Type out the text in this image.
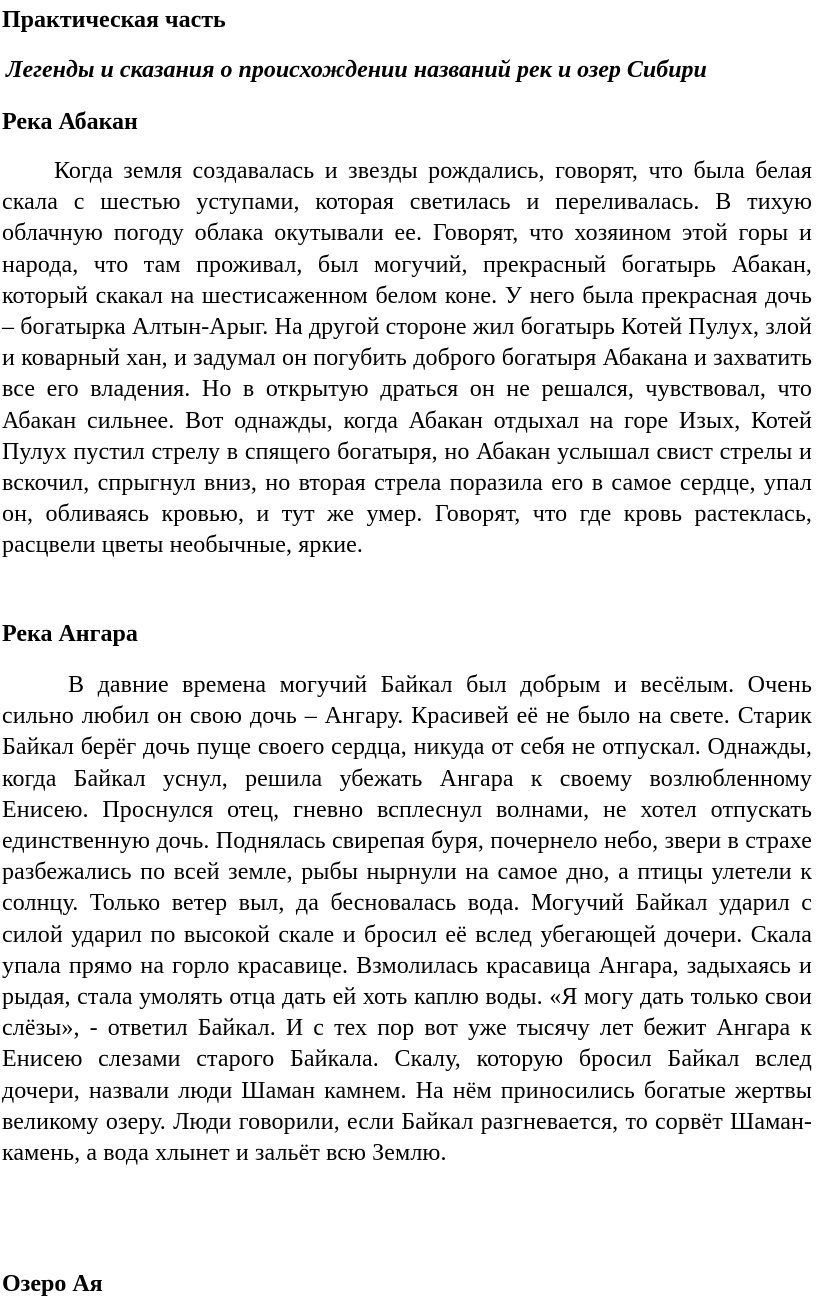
Практическая часть
Легенды и сказания о происхождении названий рек и озер Сибири
Река Абакан

Когда земля создавалась и звезды рождались, говорят, что была белая скала с шестью уступами, которая светилась и переливалась. В тихую облачную погоду облака окутывали ее. Говорят, что хозяином этой горы и народа, что там проживал, был могучий, прекрасный богатырь Абакан, который скакал на шестисаженном белом коне. У него была прекрасная дочь – богатырка Алтын-Арыг. На другой стороне жил богатырь Котей Пулух, злой и коварный хан, и задумал он погубить доброго богатыря Абакана и захватить все его владения. Но в открытую драться он не решался, чувствовал, что Абакан сильнее. Вот однажды, когда Абакан отдыхал на горе Изых, Котей Пулух пустил стрелу в спящего богатыря, но Абакан услышал свист стрелы и вскочил, спрыгнул вниз, но вторая стрела поразила его в самое сердце, упал он, обливаясь кровью, и тут же умер. Говорят, что где кровь растеклась, расцвели цветы необычные, яркие.

Река Ангара

В давние времена могучий Байкал был добрым и весёлым. Очень сильно любил он свою дочь – Ангару. Красивей её не было на свете. Старик Байкал берёг дочь пуще своего сердца, никуда от себя не отпускал. Однажды, когда Байкал уснул, решила убежать Ангара к своему возлюбленному Енисею. Проснулся отец, гневно всплеснул волнами, не хотел отпускать единственную дочь. Поднялась свирепая буря, почернело небо, звери в страхе разбежались по всей земле, рыбы нырнули на самое дно, а птицы улетели к солнцу. Только ветер выл, да бесновалась вода. Могучий Байкал ударил с силой ударил по высокой скале и бросил её вслед убегающей дочери. Скала упала прямо на горло красавице. Взмолилась красавица Ангара, задыхаясь и рыдая, стала умолять отца дать ей хоть каплю воды. «Я могу дать только свои слёзы», - ответил Байкал. И с тех пор вот уже тысячу лет бежит Ангара к Енисею слезами старого Байкала. Скалу, которую бросил Байкал вслед дочери, назвали люди Шаман камнем. На нём приносились богатые жертвы великому озеру. Люди говорили, если Байкал разгневается, то сорвёт Шаман-камень, а вода хлынет и зальёт всю Землю.

Озеро Ая
